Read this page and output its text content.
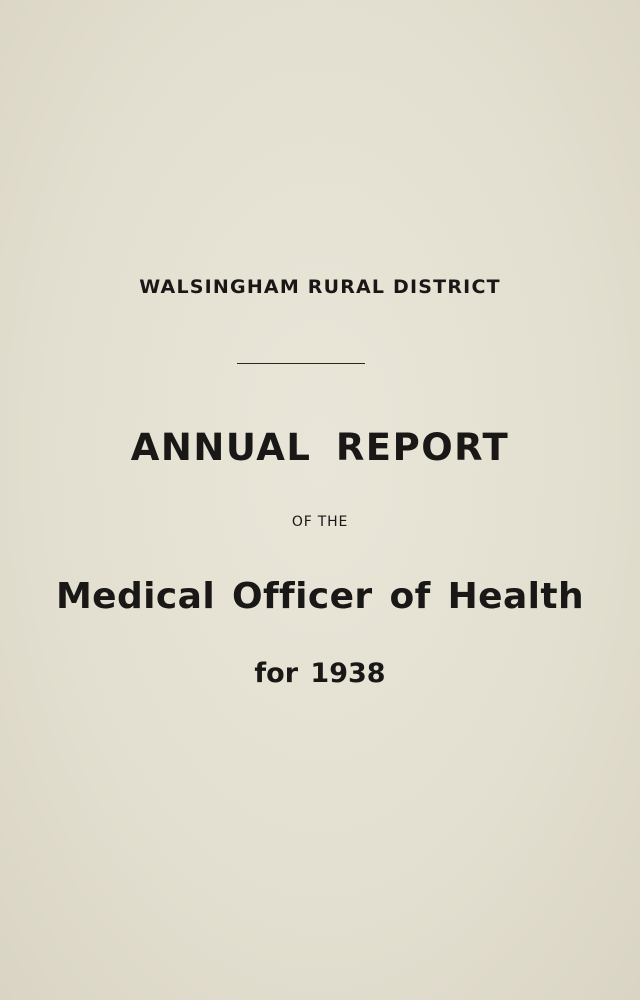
WALSINGHAM RURAL DISTRICT
ANNUAL REPORT
OF THE
Medical Officer of Health
for 1938
